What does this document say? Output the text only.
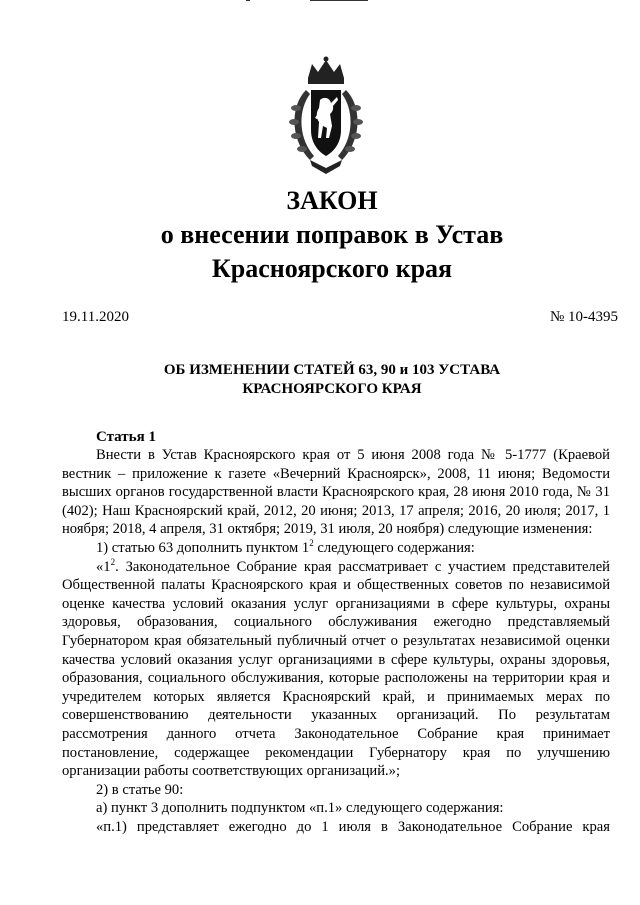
ЗАКОН
о внесении поправок в Устав
Красноярского края
19.11.2020	№ 10-4395
ОБ ИЗМЕНЕНИИ СТАТЕЙ 63, 90 и 103 УСТАВА
КРАСНОЯРСКОГО КРАЯ
Статья 1

Внести в Устав Красноярского края от 5 июня 2008 года № 5-1777 (Краевой вестник – приложение к газете «Вечерний Красноярск», 2008, 11 июня; Ведомости высших органов государственной власти Красноярского края, 28 июня 2010 года, № 31 (402); Наш Красноярский край, 2012, 20 июня; 2013, 17 апреля; 2016, 20 июля; 2017, 1 ноября; 2018, 4 апреля, 31 октября; 2019, 31 июля, 20 ноября) следующие изменения:

1) статью 63 дополнить пунктом $1^2$ следующего содержания:

«$1^2$. Законодательное Собрание края рассматривает с участием представителей Общественной палаты Красноярского края и общественных советов по независимой оценке качества условий оказания услуг организациями в сфере культуры, охраны здоровья, образования, социального обслуживания ежегодно представляемый Губернатором края обязательный публичный отчет о результатах независимой оценки качества условий оказания услуг организациями в сфере культуры, охраны здоровья, образования, социального обслуживания, которые расположены на территории края и учредителем которых является Красноярский край, и принимаемых мерах по совершенствованию деятельности указанных организаций. По результатам рассмотрения данного отчета Законодательное Собрание края принимает постановление, содержащее рекомендации Губернатору края по улучшению организации работы соответствующих организаций.»;

2) в статье 90:

а) пункт 3 дополнить подпунктом «п.1» следующего содержания:

«п.1) представляет ежегодно до 1 июля в Законодательное Собрание края
